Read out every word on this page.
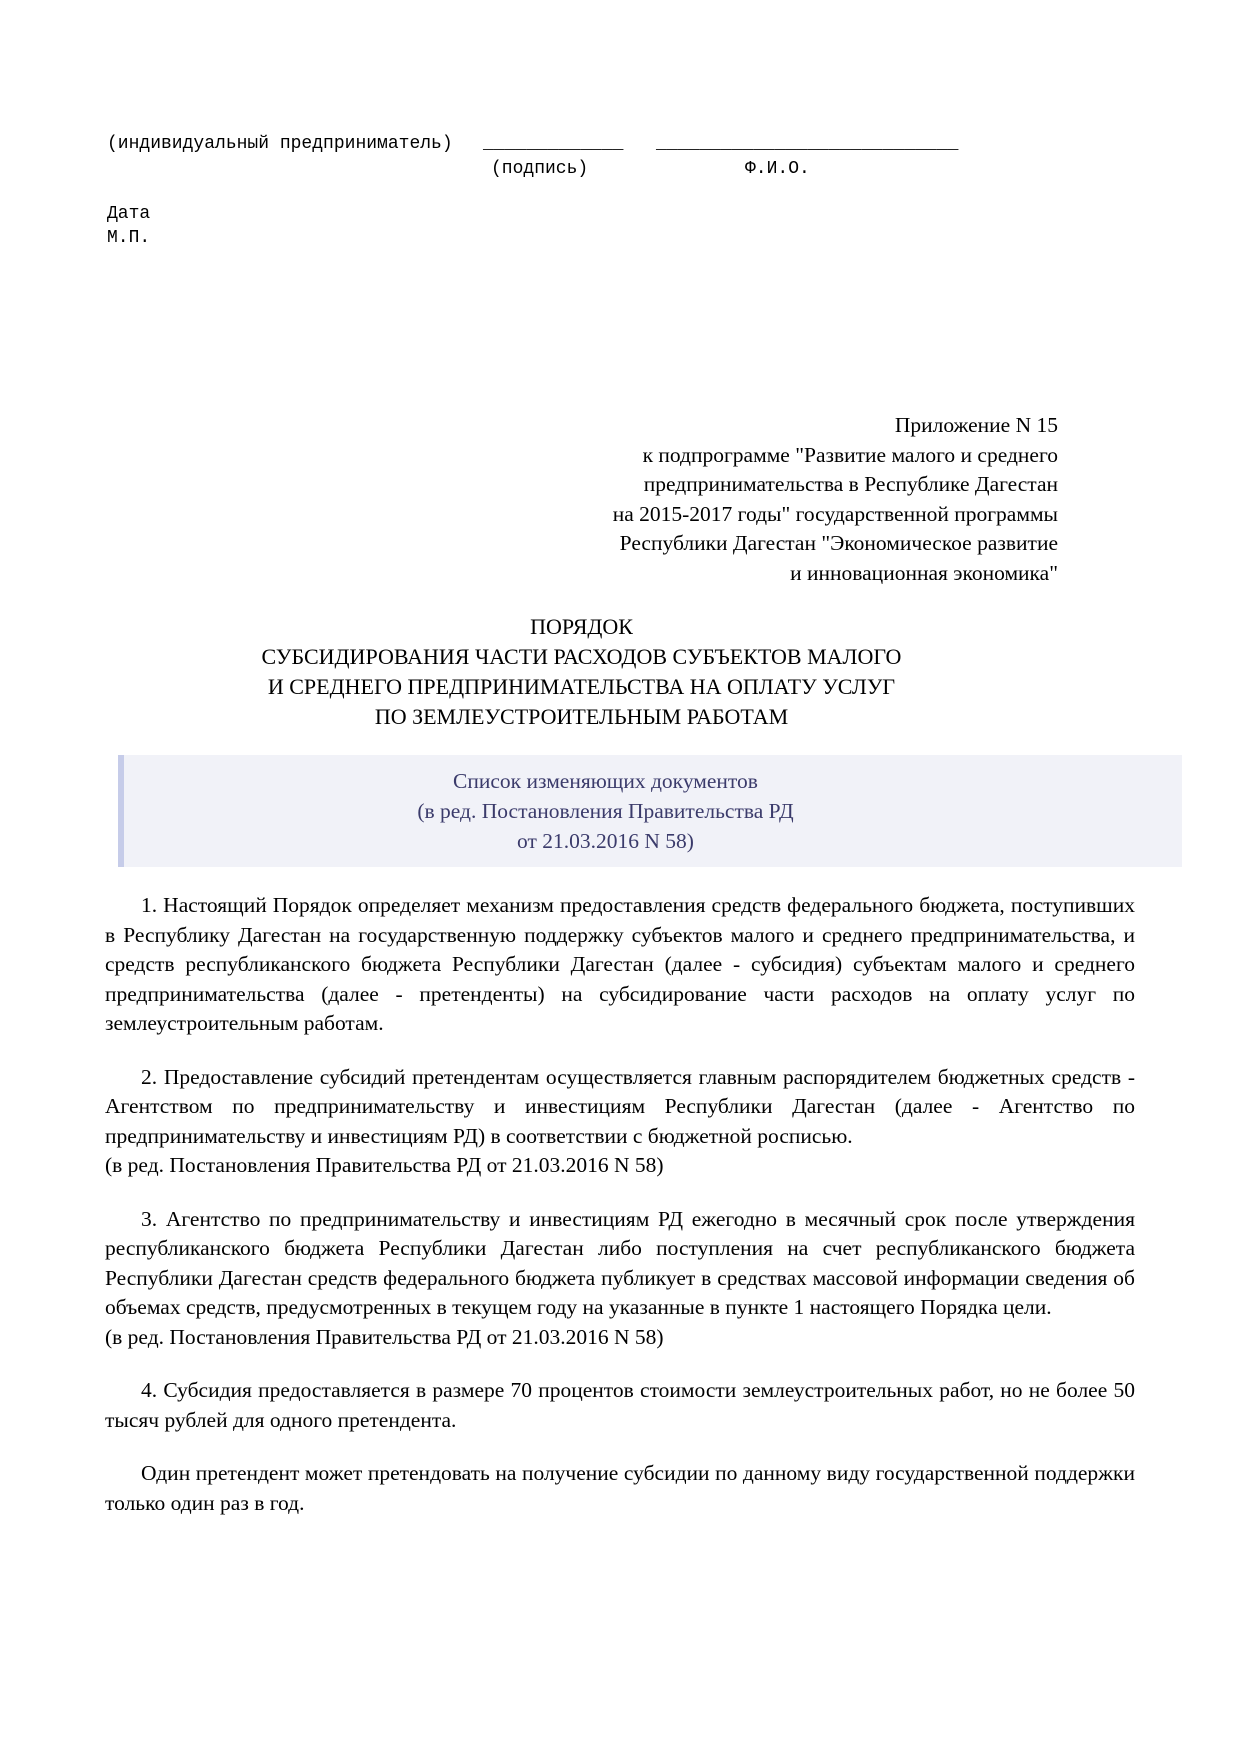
(индивидуальный предприниматель)

_____________

____________________________

(подпись)

	Ф.И.О.

Дата

М.П.

Приложение N 15
к подпрограмме "Развитие малого и среднего
предпринимательства в Республике Дагестан
на 2015-2017 годы" государственной программы
Республики Дагестан "Экономическое развитие
и инновационная экономика"
ПОРЯДОК
СУБСИДИРОВАНИЯ ЧАСТИ РАСХОДОВ СУБЪЕКТОВ МАЛОГО
И СРЕДНЕГО ПРЕДПРИНИМАТЕЛЬСТВА НА ОПЛАТУ УСЛУГ
ПО ЗЕМЛЕУСТРОИТЕЛЬНЫМ РАБОТАМ
Список изменяющих документов
(в ред. Постановления Правительства РД
от 21.03.2016 N 58)

1. Настоящий Порядок определяет механизм предоставления средств федерального бюджета, поступивших в Республику Дагестан на государственную поддержку субъектов малого и среднего предпринимательства, и средств республиканского бюджета Республики Дагестан (далее - субсидия) субъектам малого и среднего предпринимательства (далее - претенденты) на субсидирование части расходов на оплату услуг по землеустроительным работам.

2. Предоставление субсидий претендентам осуществляется главным распорядителем бюджетных средств - Агентством по предпринимательству и инвестициям Республики Дагестан (далее - Агентство по предпринимательству и инвестициям РД) в соответствии с бюджетной росписью.

(в ред. Постановления Правительства РД от 21.03.2016 N 58)

3. Агентство по предпринимательству и инвестициям РД ежегодно в месячный срок после утверждения республиканского бюджета Республики Дагестан либо поступления на счет республиканского бюджета Республики Дагестан средств федерального бюджета публикует в средствах массовой информации сведения об объемах средств, предусмотренных в текущем году на указанные в пункте 1 настоящего Порядка цели.

(в ред. Постановления Правительства РД от 21.03.2016 N 58)

4. Субсидия предоставляется в размере 70 процентов стоимости землеустроительных работ, но не более 50 тысяч рублей для одного претендента.

Один претендент может претендовать на получение субсидии по данному виду государственной поддержки только один раз в год.
